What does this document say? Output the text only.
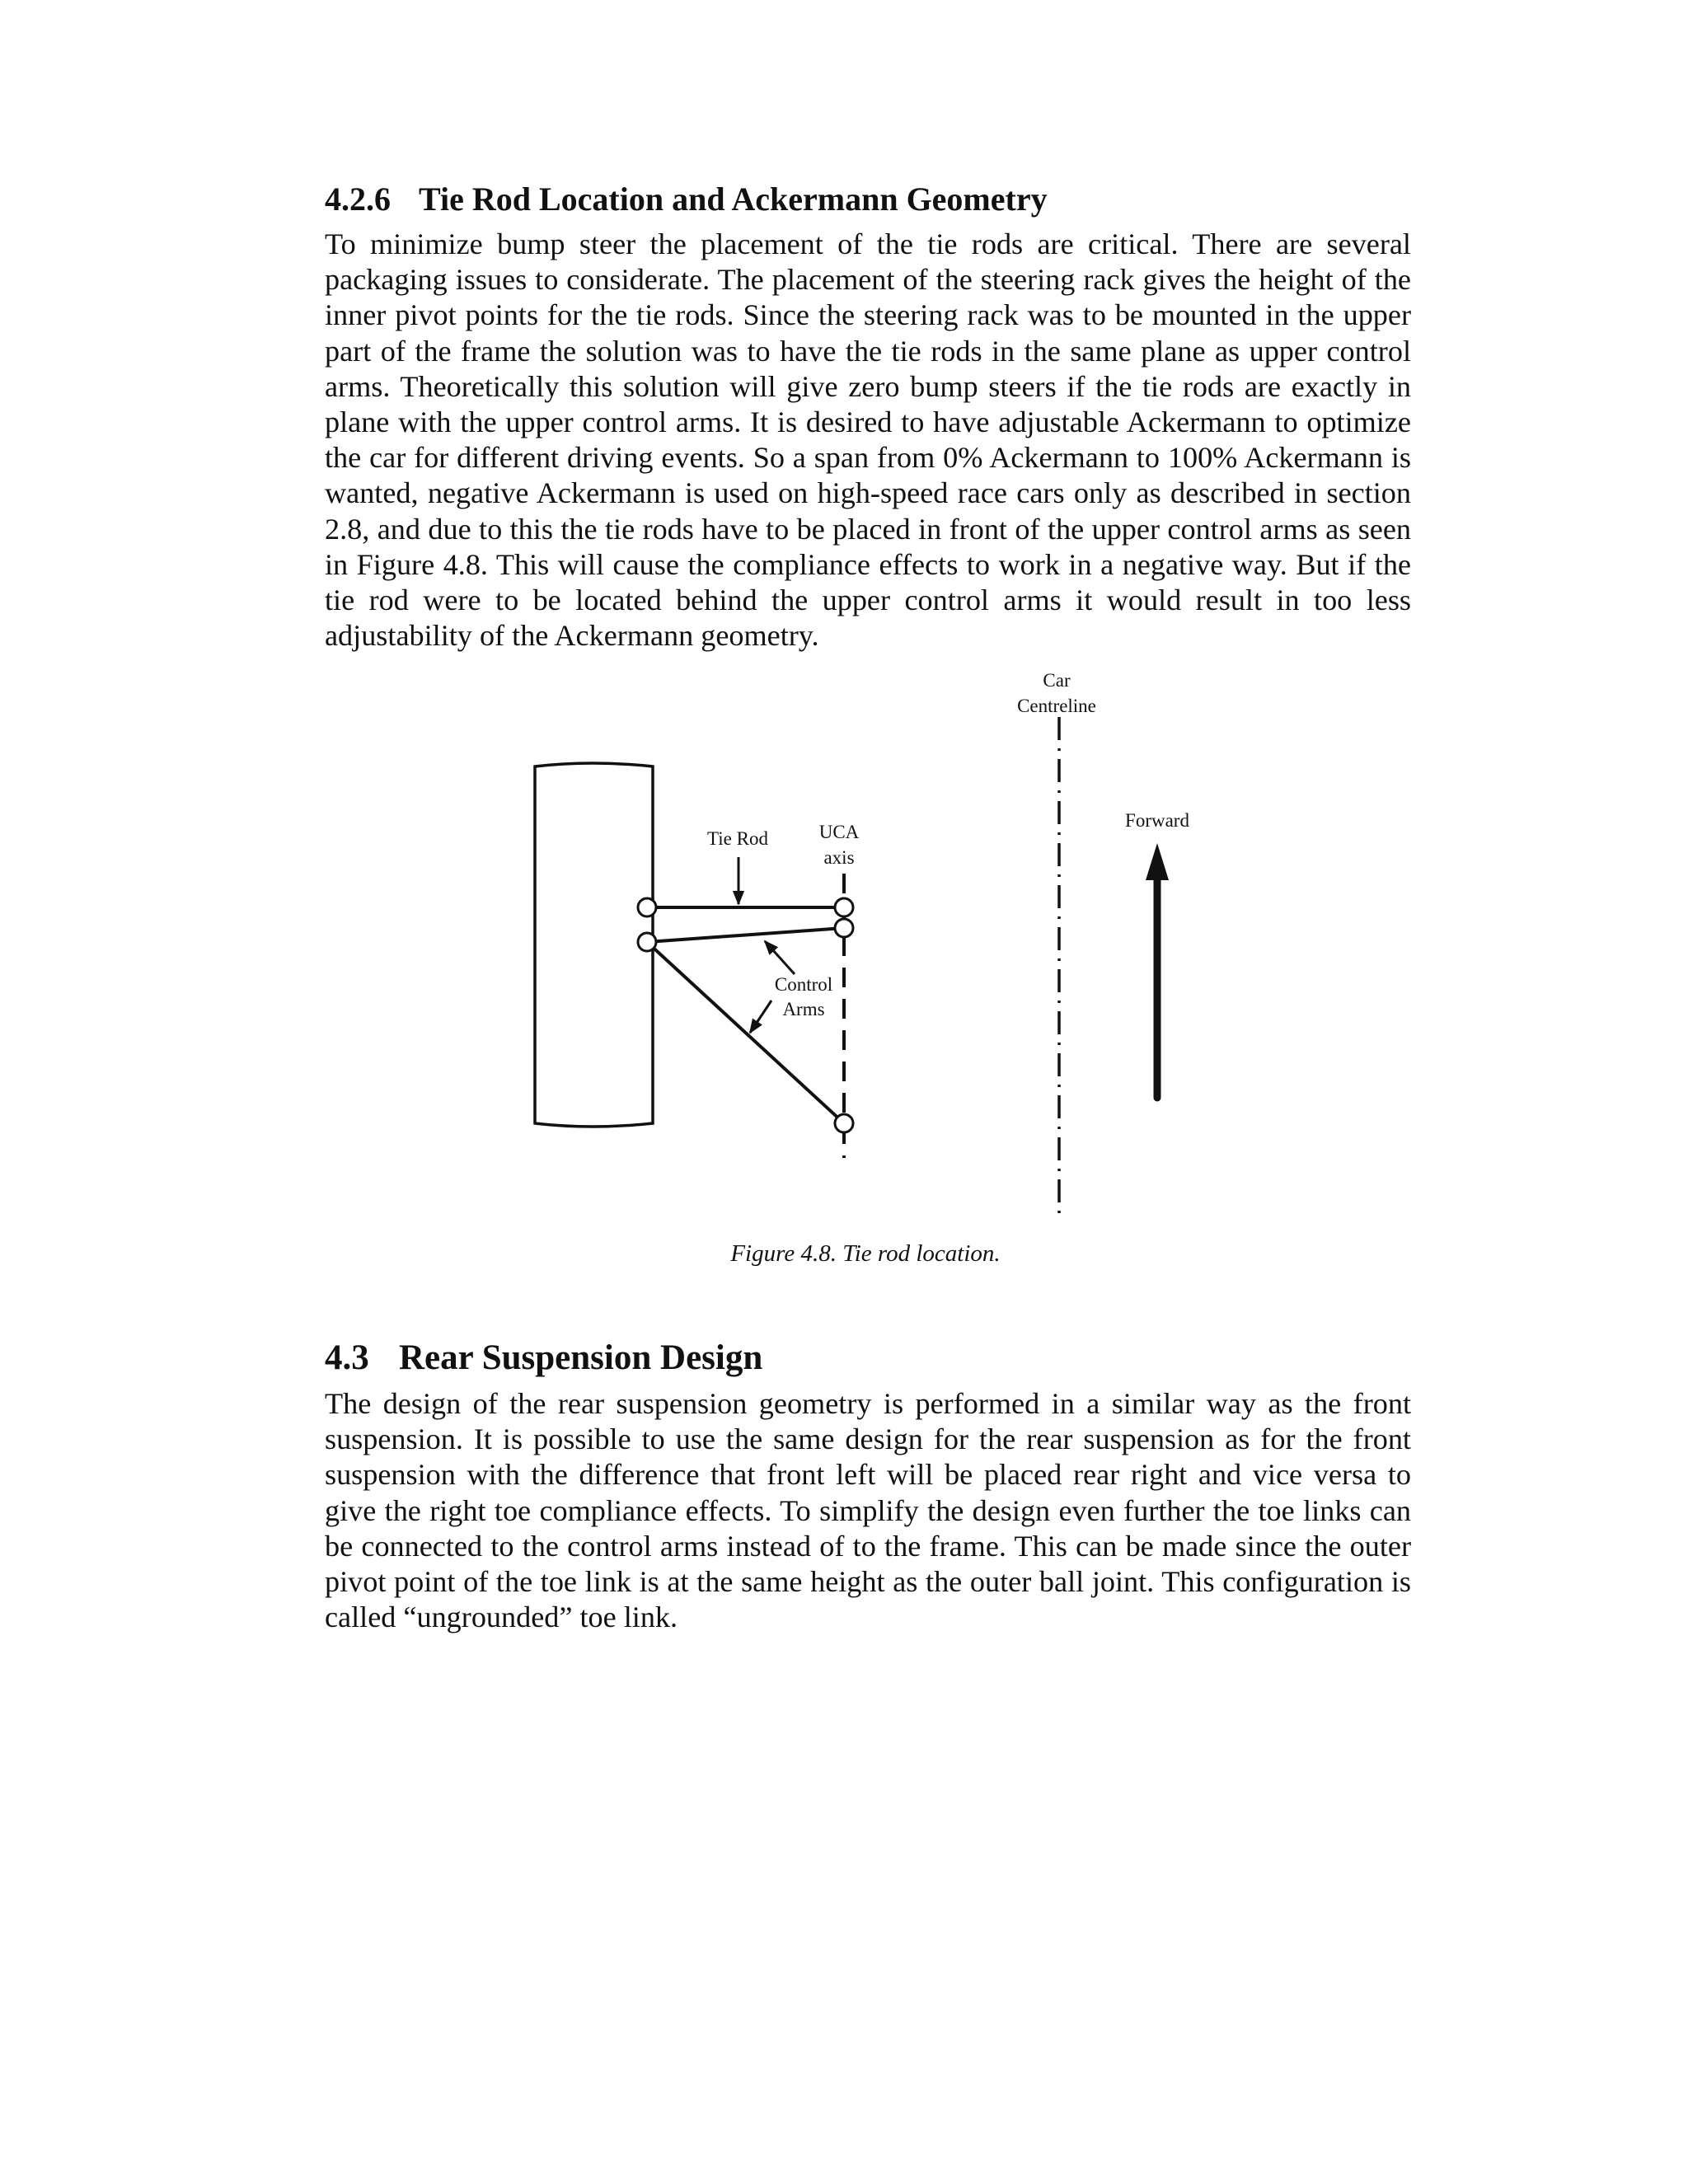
4.2.6 Tie Rod Location and Ackermann Geometry

To minimize bump steer the placement of the tie rods are critical. There are several packaging issues to considerate. The placement of the steering rack gives the height of the inner pivot points for the tie rods. Since the steering rack was to be mounted in the upper part of the frame the solution was to have the tie rods in the same plane as upper control arms. Theoretically this solution will give zero bump steers if the tie rods are exactly in plane with the upper control arms. It is desired to have adjustable Ackermann to optimize the car for different driving events. So a span from 0% Ackermann to 100% Ackermann is wanted, negative Ackermann is used on high-speed race cars only as described in section 2.8, and due to this the tie rods have to be placed in front of the upper control arms as seen in Figure 4.8. This will cause the compliance effects to work in a negative way. But if the tie rod were to be located behind the upper control arms it would result in too less adjustability of the Ackermann geometry.

Car
Centreline
Tie Rod	UCA
axis
Forward
Control
Arms

Figure 4.8. Tie rod location.

4.3 Rear Suspension Design

The design of the rear suspension geometry is performed in a similar way as the front suspension. It is possible to use the same design for the rear suspension as for the front suspension with the difference that front left will be placed rear right and vice versa to give the right toe compliance effects. To simplify the design even further the toe links can be connected to the control arms instead of to the frame. This can be made since the outer pivot point of the toe link is at the same height as the outer ball joint. This configuration is called “ungrounded” toe link.
